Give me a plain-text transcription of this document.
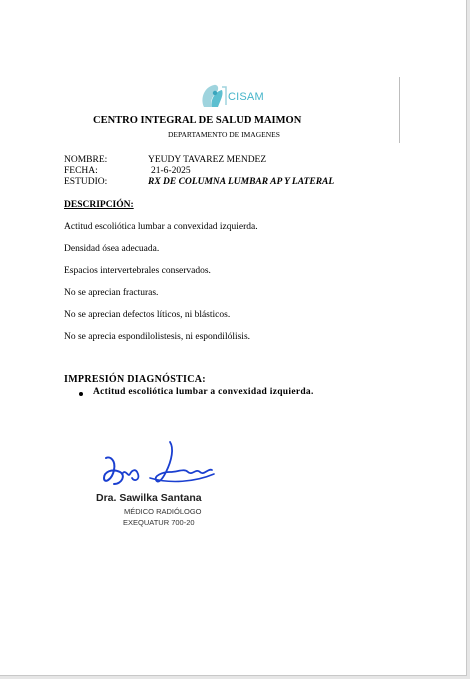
CISAM
CENTRO INTEGRAL DE SALUD MAIMON
DEPARTAMENTO DE IMAGENES
NOMBRE:	YEUDY TAVAREZ MENDEZ
FECHA:	21-6-2025
ESTUDIO:	RX DE COLUMNA LUMBAR AP Y LATERAL
DESCRIPCIÓN:
Actitud escoliótica lumbar a convexidad izquierda.
Densidad ósea adecuada.
Espacios intervertebrales conservados.
No se aprecian fracturas.
No se aprecian defectos líticos, ni blásticos.
No se aprecia espondilolistesis, ni espondilólisis.
IMPRESIÓN DIAGNÓSTICA:
Actitud escoliótica lumbar a convexidad izquierda.
Dra. Sawilka Santana
MÉDICO RADIÓLOGO
EXEQUATUR 700-20
